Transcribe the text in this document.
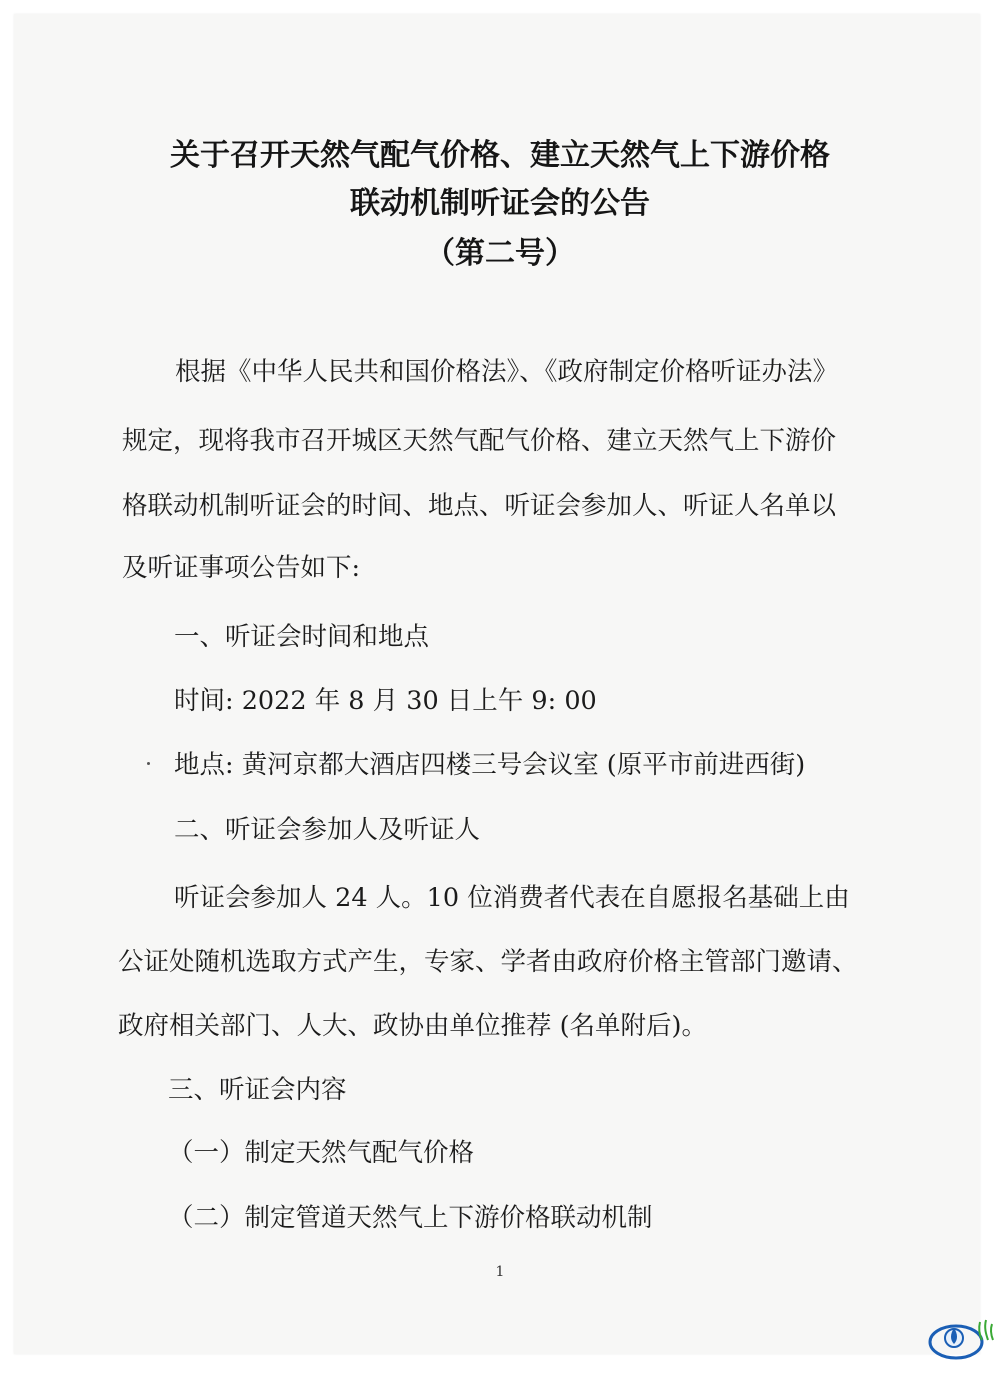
关于召开天然气配气价格、建立天然气上下游价格
联动机制听证会的公告
（第二号）
根据《中华人民共和国价格法》、《政府制定价格听证办法》
规定，现将我市召开城区天然气配气价格、建立天然气上下游价
格联动机制听证会的时间、地点、听证会参加人、听证人名单以
及听证事项公告如下:
一、听证会时间和地点
时间: 2022 年 8 月 30 日上午 9: 00
地点: 黄河京都大酒店四楼三号会议室 (原平市前进西街)
二、听证会参加人及听证人
听证会参加人 24 人。10 位消费者代表在自愿报名基础上由
公证处随机选取方式产生，专家、学者由政府价格主管部门邀请、
政府相关部门、人大、政协由单位推荐 (名单附后)。
三、听证会内容
（一）制定天然气配气价格
（二）制定管道天然气上下游价格联动机制
1
